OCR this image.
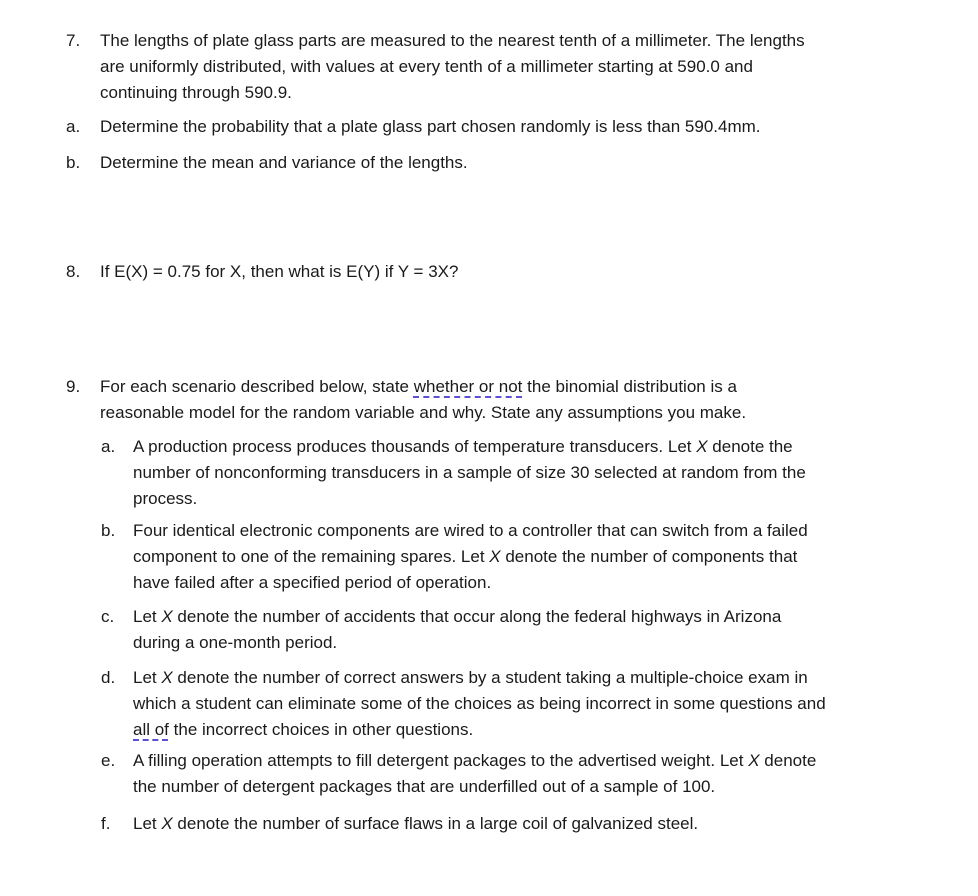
7. The lengths of plate glass parts are measured to the nearest tenth of a millimeter. The lengths
are uniformly distributed, with values at every tenth of a millimeter starting at 590.0 and
continuing through 590.9.
a. Determine the probability that a plate glass part chosen randomly is less than 590.4mm.
b. Determine the mean and variance of the lengths.
8. If E(X) = 0.75 for X, then what is E(Y) if Y = 3X?
9. For each scenario described below, state whether or not the binomial distribution is a
reasonable model for the random variable and why. State any assumptions you make.
a. A production process produces thousands of temperature transducers. Let X denote the
number of nonconforming transducers in a sample of size 30 selected at random from the
process.
b. Four identical electronic components are wired to a controller that can switch from a failed
component to one of the remaining spares. Let X denote the number of components that
have failed after a specified period of operation.
c. Let X denote the number of accidents that occur along the federal highways in Arizona
during a one-month period.
d. Let X denote the number of correct answers by a student taking a multiple-choice exam in
which a student can eliminate some of the choices as being incorrect in some questions and
all of the incorrect choices in other questions.
e. A filling operation attempts to fill detergent packages to the advertised weight. Let X denote
the number of detergent packages that are underfilled out of a sample of 100.
f. Let X denote the number of surface flaws in a large coil of galvanized steel.
